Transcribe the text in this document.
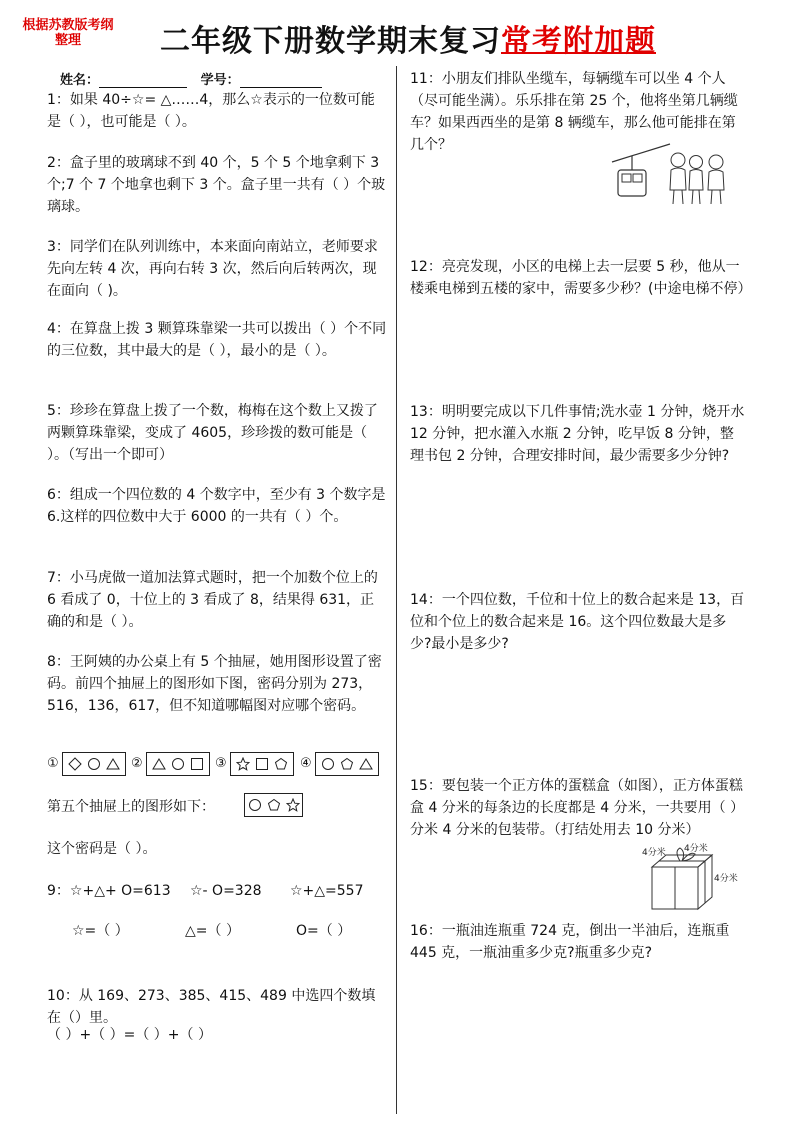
根据苏教版考纲
整理	二年级下册数学期末复习常考附加题
姓名：	学号：
1：如果 40÷☆= △……4，那么☆表示的一位数可能是（ ），也可能是（ ）。
2：盒子里的玻璃球不到 40 个，5 个 5 个地拿剩下 3 个;7 个 7 个地拿也剩下 3 个。盒子里一共有（ ）个玻璃球。
3：同学们在队列训练中，本来面向南站立，老师要求先向左转 4 次，再向右转 3 次，然后向后转两次，现在面向（ )。
4：在算盘上拨 3 颗算珠靠梁一共可以拨出（ ）个不同的三位数，其中最大的是（ ），最小的是（ ）。
5：珍珍在算盘上拨了一个数，梅梅在这个数上又拨了两颗算珠靠梁，变成了 4605，珍珍拨的数可能是（ ）。（写出一个即可）
6：组成一个四位数的 4 个数字中，至少有 3 个数字是 6.这样的四位数中大于 6000 的一共有（ ）个。
7：小马虎做一道加法算式题时，把一个加数个位上的 6 看成了 0，十位上的 3 看成了 8，结果得 631，正确的和是（ ）。
8：王阿姨的办公桌上有 5 个抽屉，她用图形设置了密码。前四个抽屉上的图形如下图，密码分别为 273，516，136，617，但不知道哪幅图对应哪个密码。
①	②	③	④
第五个抽屉上的图形如下：
这个密码是（ ）。
9：☆+△+ O=613 ☆- O=328 ☆+△=557
☆=（ ）	△=（ ）	O=（ ）
10：从 169、273、385、415、489 中选四个数填在（）里。
（ ）+（ ）=（ ）+（ ）
11：小朋友们排队坐缆车，每辆缆车可以坐 4 个人（尽可能坐满）。乐乐排在第 25 个，他将坐第几辆缆车？如果西西坐的是第 8 辆缆车，那么他可能排在第几个？
12：亮亮发现，小区的电梯上去一层要 5 秒，他从一楼乘电梯到五楼的家中，需要多少秒？(中途电梯不停）
13：明明要完成以下几件事情;洗水壶 1 分钟，烧开水 12 分钟，把水灌入水瓶 2 分钟，吃早饭 8 分钟，整理书包 2 分钟，合理安排时间，最少需要多少分钟?
14：一个四位数，千位和十位上的数合起来是 13，百位和个位上的数合起来是 16。这个四位数最大是多少?最小是多少?
15：要包装一个正方体的蛋糕盒（如图），正方体蛋糕盒 4 分米的每条边的长度都是 4 分米，一共要用（ ）分米 4 分米的包装带。（打结处用去 10 分米）
4分米 4分米
4分米
16：一瓶油连瓶重 724 克，倒出一半油后，连瓶重 445 克，一瓶油重多少克?瓶重多少克?
